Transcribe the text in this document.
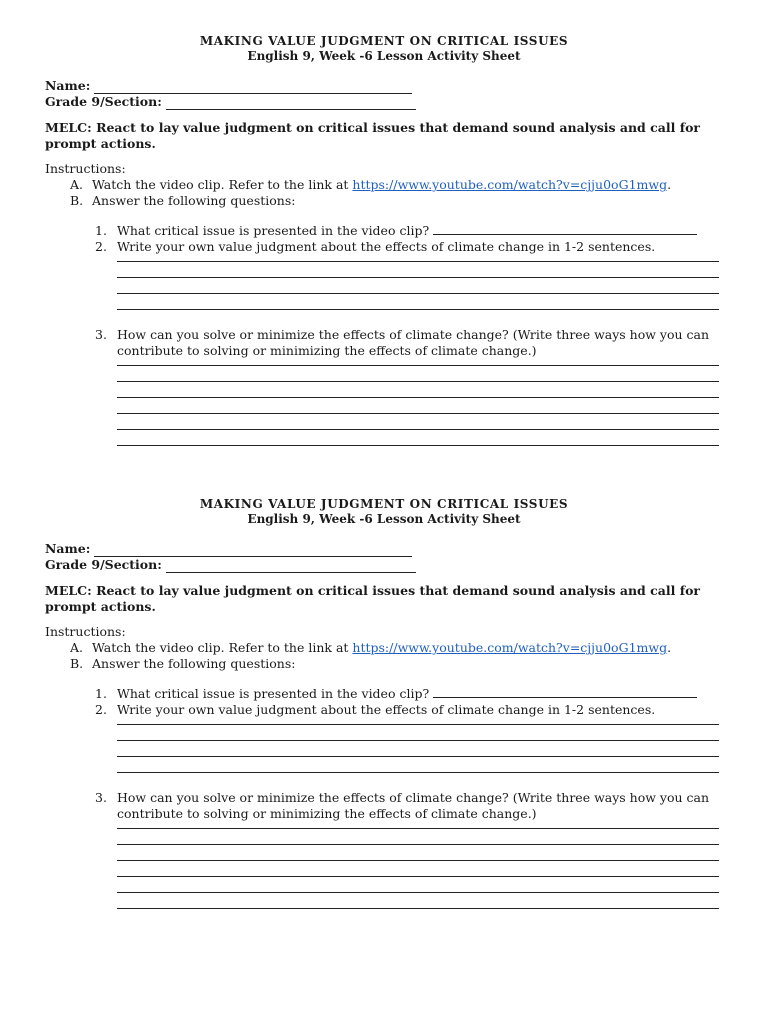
MAKING VALUE JUDGMENT ON CRITICAL ISSUES

English 9, Week -6 Lesson Activity Sheet

Name:
Grade 9/Section:
MELC: React to lay value judgment on critical issues that demand sound analysis and call for prompt actions.
Instructions:
A. Watch the video clip. Refer to the link at https://www.youtube.com/watch?v=cjju0oG1mwg.
B. Answer the following questions:
1. What critical issue is presented in the video clip?
2. Write your own value judgment about the effects of climate change in 1-2 sentences.
3. How can you solve or minimize the effects of climate change? (Write three ways how you can
contribute to solving or minimizing the effects of climate change.)

MAKING VALUE JUDGMENT ON CRITICAL ISSUES

English 9, Week -6 Lesson Activity Sheet

Name:
Grade 9/Section:
MELC: React to lay value judgment on critical issues that demand sound analysis and call for prompt actions.
Instructions:
A. Watch the video clip. Refer to the link at https://www.youtube.com/watch?v=cjju0oG1mwg.
B. Answer the following questions:
1. What critical issue is presented in the video clip?
2. Write your own value judgment about the effects of climate change in 1-2 sentences.
3. How can you solve or minimize the effects of climate change? (Write three ways how you can
contribute to solving or minimizing the effects of climate change.)
